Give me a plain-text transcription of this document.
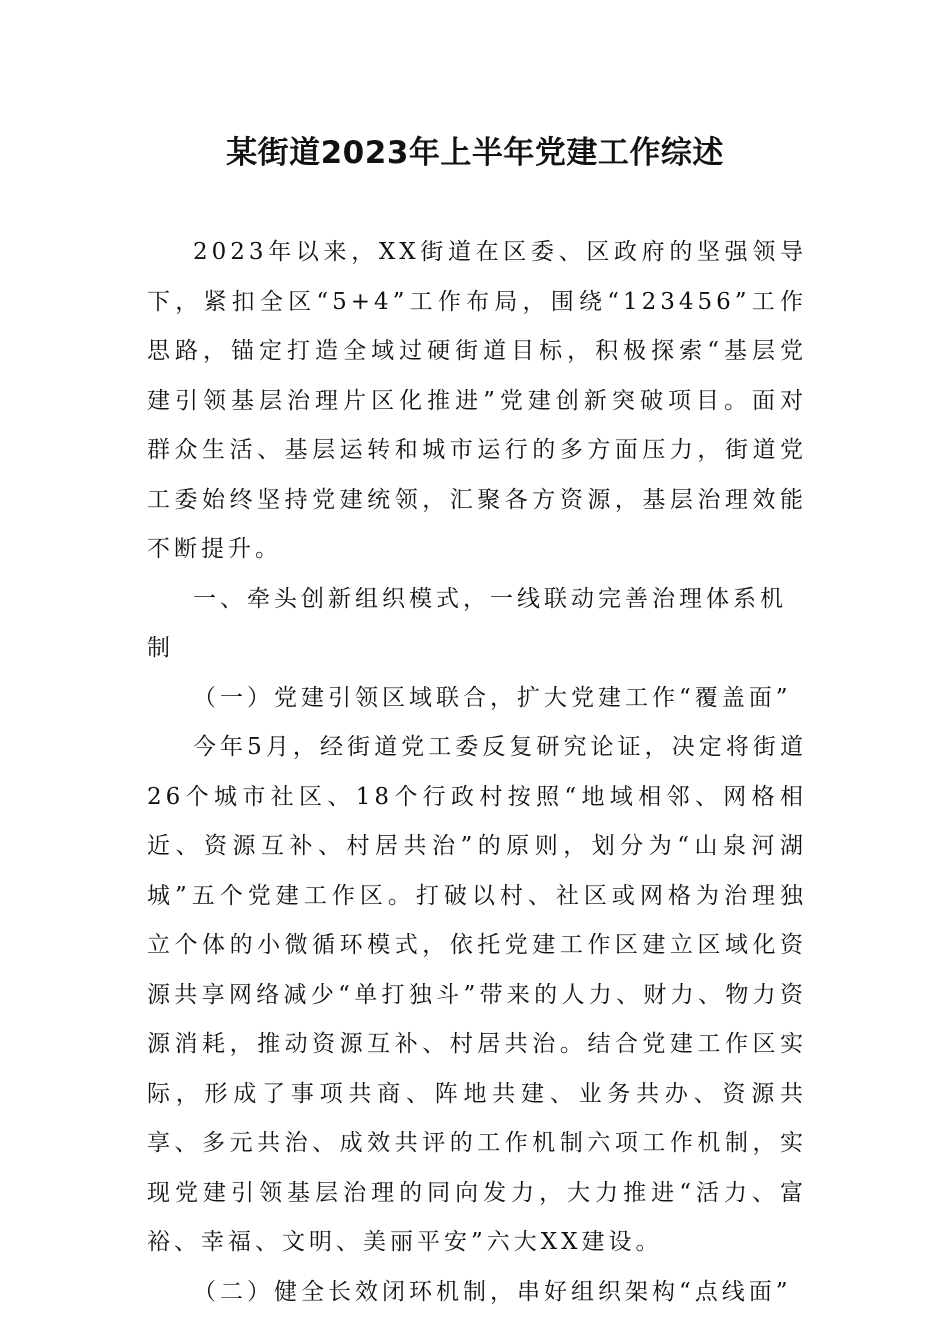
某街道2023年上半年党建工作综述

2023年以来，XX街道在区委、区政府的坚强领导下，紧扣全区“5+4”工作布局，围绕“123456”工作思路，锚定打造全域过硬街道目标，积极探索“基层党建引领基层治理片区化推进”党建创新突破项目。面对群众生活、基层运转和城市运行的多方面压力，街道党工委始终坚持党建统领，汇聚各方资源，基层治理效能不断提升。

一、牵头创新组织模式，一线联动完善治理体系机制

（一）党建引领区域联合，扩大党建工作“覆盖面”

今年5月，经街道党工委反复研究论证，决定将街道26个城市社区、18个行政村按照“地域相邻、网格相近、资源互补、村居共治”的原则，划分为“山泉河湖城”五个党建工作区。打破以村、社区或网格为治理独立个体的小微循环模式，依托党建工作区建立区域化资源共享网络减少“单打独斗”带来的人力、财力、物力资源消耗，推动资源互补、村居共治。结合党建工作区实际，形成了事项共商、阵地共建、业务共办、资源共享、多元共治、成效共评的工作机制六项工作机制，实现党建引领基层治理的同向发力，大力推进“活力、富裕、幸福、文明、美丽平安”六大XX建设。

（二）健全长效闭环机制，串好组织架构“点线面”
